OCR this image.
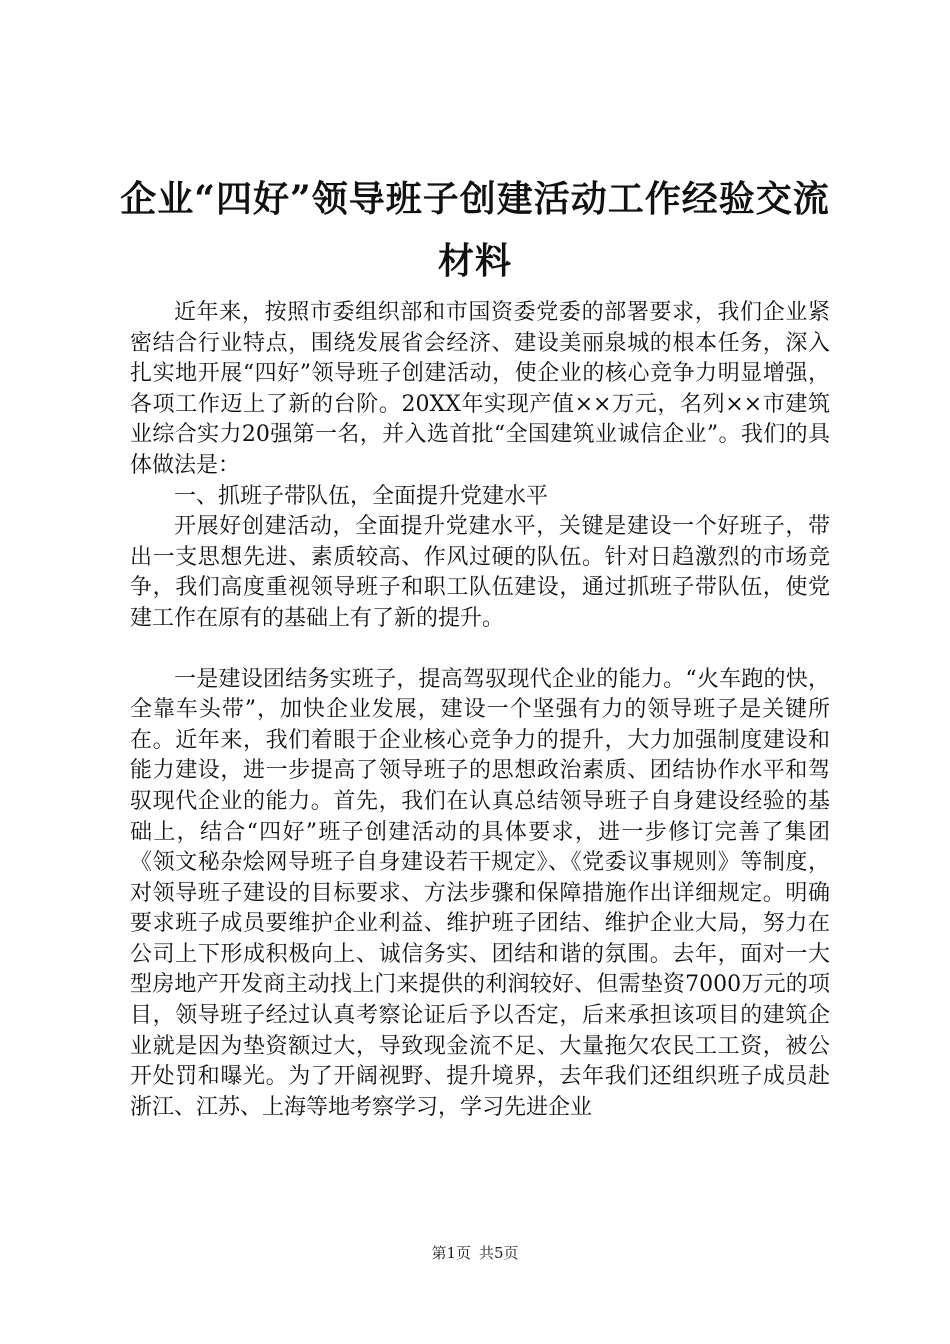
企业“四好”领导班子创建活动工作经验交流材料

近年来，按照市委组织部和市国资委党委的部署要求，我们企业紧密结合行业特点，围绕发展省会经济、建设美丽泉城的根本任务，深入扎实地开展“四好”领导班子创建活动，使企业的核心竞争力明显增强，各项工作迈上了新的台阶。20XX年实现产值××万元，名列××市建筑业综合实力20强第一名，并入选首批“全国建筑业诚信企业”。我们的具体做法是：

一、抓班子带队伍，全面提升党建水平

开展好创建活动，全面提升党建水平，关键是建设一个好班子，带出一支思想先进、素质较高、作风过硬的队伍。针对日趋激烈的市场竞争，我们高度重视领导班子和职工队伍建设，通过抓班子带队伍，使党建工作在原有的基础上有了新的提升。

一是建设团结务实班子，提高驾驭现代企业的能力。“火车跑的快，全靠车头带”，加快企业发展，建设一个坚强有力的领导班子是关键所在。近年来，我们着眼于企业核心竞争力的提升，大力加强制度建设和能力建设，进一步提高了领导班子的思想政治素质、团结协作水平和驾驭现代企业的能力。首先，我们在认真总结领导班子自身建设经验的基础上，结合“四好”班子创建活动的具体要求，进一步修订完善了集团《领文秘杂烩网导班子自身建设若干规定》、《党委议事规则》等制度，对领导班子建设的目标要求、方法步骤和保障措施作出详细规定。明确要求班子成员要维护企业利益、维护班子团结、维护企业大局，努力在公司上下形成积极向上、诚信务实、团结和谐的氛围。去年，面对一大型房地产开发商主动找上门来提供的利润较好、但需垫资7000万元的项目，领导班子经过认真考察论证后予以否定，后来承担该项目的建筑企业就是因为垫资额过大，导致现金流不足、大量拖欠农民工工资，被公开处罚和曝光。为了开阔视野、提升境界，去年我们还组织班子成员赴浙江、江苏、上海等地考察学习，学习先进企业

第1页 共5页
